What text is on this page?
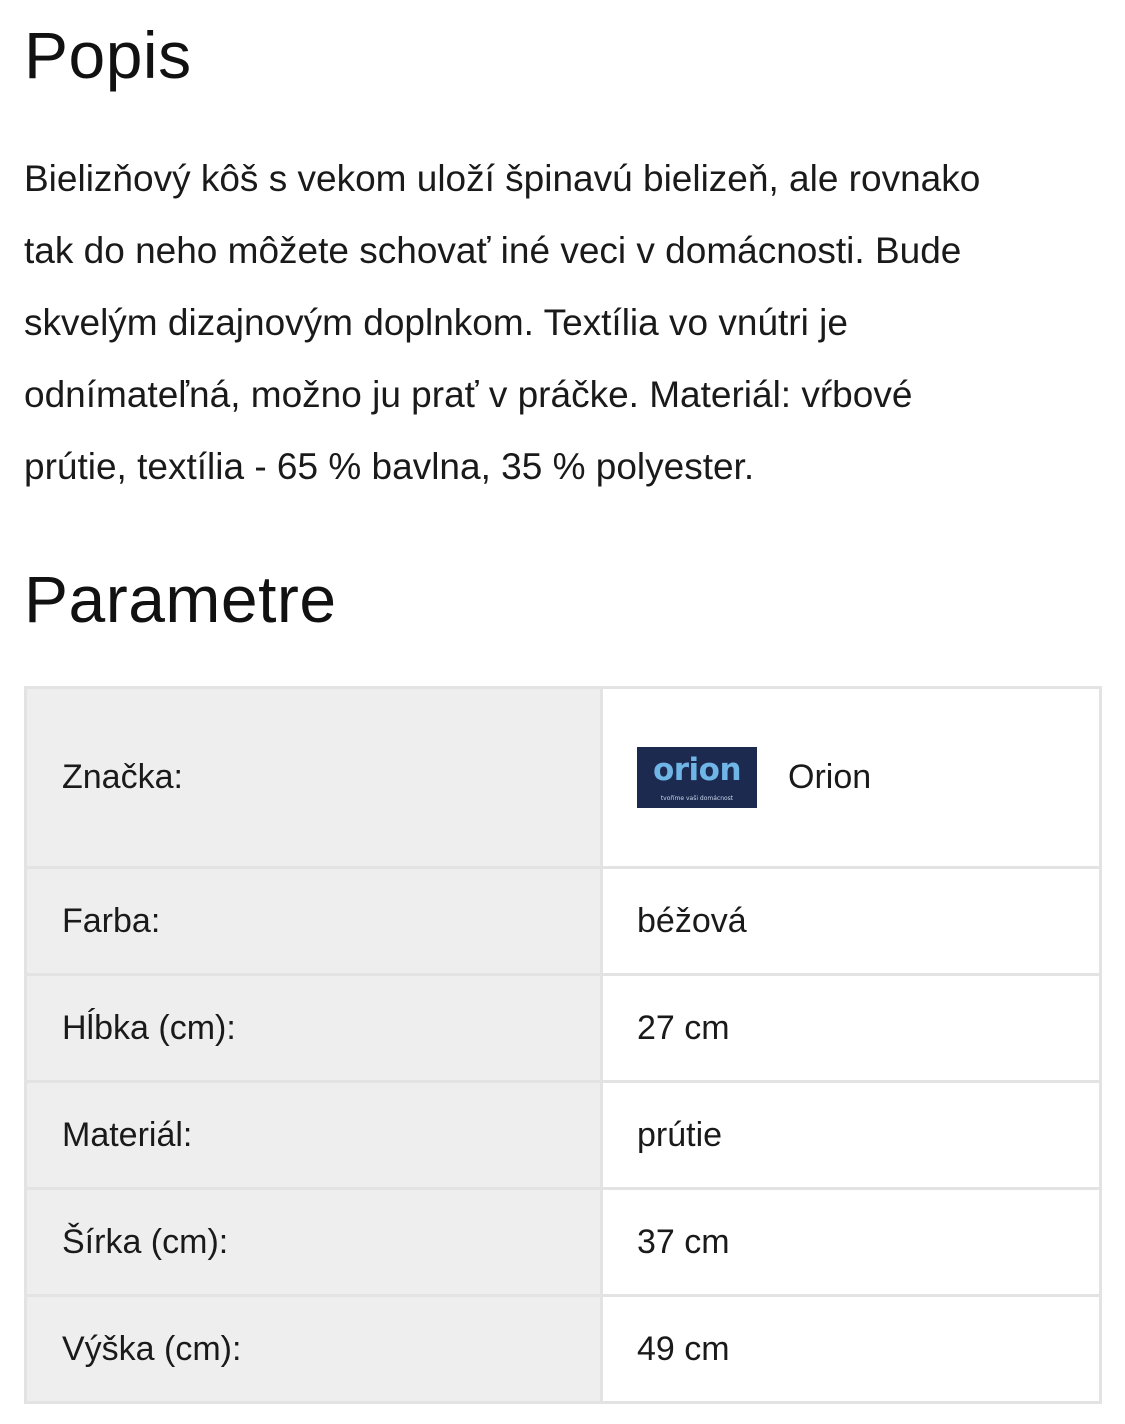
Popis

Bielizňový kôš s vekom uloží špinavú bielizeň, ale rovnako
tak do neho môžete schovať iné veci v domácnosti. Bude
skvelým dizajnovým doplnkom. Textília vo vnútri je
odnímateľná, možno ju prať v práčke. Materiál: vŕbové
prútie, textília - 65 % bavlna, 35 % polyester.

Parametre
Značka:	orion
tvoříme vaši domácnost
Orion

Farba:	béžová
Hĺbka (cm):	27 cm
Materiál:	prútie
Šírka (cm):	37 cm
Výška (cm):	49 cm
